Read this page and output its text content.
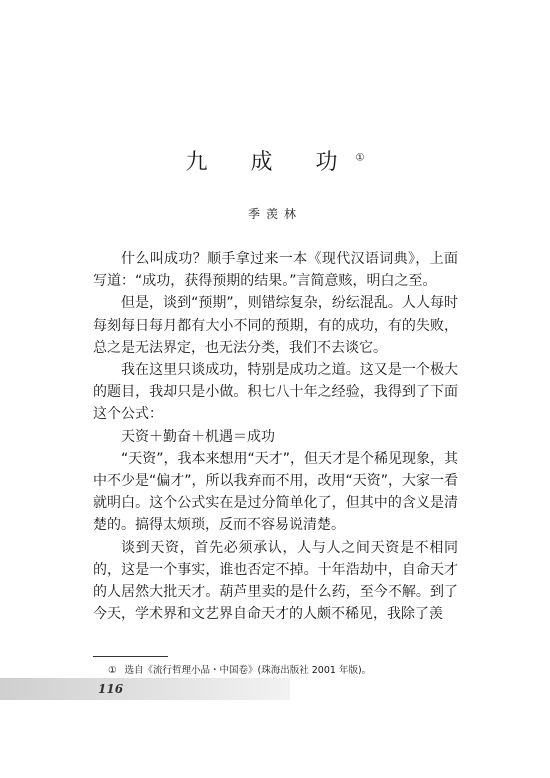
九 成 功①
季羡林

什么叫成功？顺手拿过来一本《现代汉语词典》，上面写道：“成功，获得预期的结果。”言简意赅，明白之至。

但是，谈到“预期”，则错综复杂，纷纭混乱。人人每时每刻每日每月都有大小不同的预期，有的成功，有的失败，总之是无法界定，也无法分类，我们不去谈它。

我在这里只谈成功，特别是成功之道。这又是一个极大的题目，我却只是小做。积七八十年之经验，我得到了下面这个公式：

天资＋勤奋＋机遇＝成功

“天资”，我本来想用“天才”，但天才是个稀见现象，其中不少是“偏才”，所以我弃而不用，改用“天资”，大家一看就明白。这个公式实在是过分简单化了，但其中的含义是清楚的。搞得太烦琐，反而不容易说清楚。

谈到天资，首先必须承认，人与人之间天资是不相同的，这是一个事实，谁也否定不掉。十年浩劫中，自命天才的人居然大批天才。葫芦里卖的是什么药，至今不解。到了今天，学术界和文艺界自命天才的人颇不稀见，我除了羡

① 选自《流行哲理小品・中国卷》(珠海出版社 2001 年版)。
116
